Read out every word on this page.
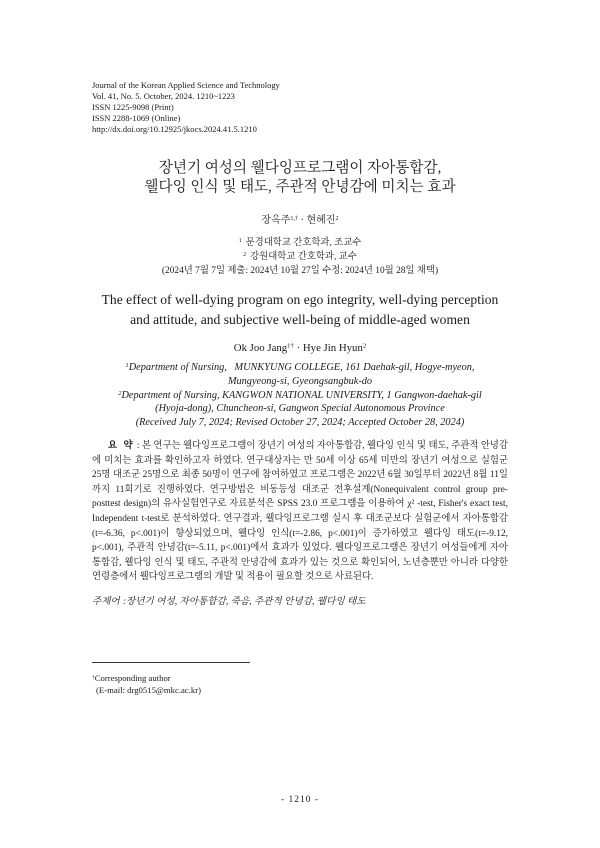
Journal of the Korean Applied Science and Technology
Vol. 41, No. 5. October, 2024. 1210~1223
ISSN 1225-9098 (Print)
ISSN 2288-1069 (Online)
http://dx.doi.org/10.12925/jkocs.2024.41.5.1210
장년기 여성의 웰다잉프로그램이 자아통합감,
웰다잉 인식 및 태도, 주관적 안녕감에 미치는 효과
장옥주$^{1,\dagger}$ · 현혜진$^2$
$^1$ 문경대학교 간호학과, 조교수
$^2$ 강원대학교 간호학과, 교수
(2024년 7월 7일 제출: 2024년 10월 27일 수정: 2024년 10월 28일 채택)
The effect of well-dying program on ego integrity, well-dying perception
and attitude, and subjective well-being of middle-aged women
Ok Joo Jang$^{1\dagger}$ · Hye Jin Hyun$^2$
$^1$Department of Nursing,   MUNKYUNG COLLEGE, 161 Daehak-gil, Hogye-myeon,
Mungyeong-si, Gyeongsangbuk-do
$^2$Department of Nursing, KANGWON NATIONAL UNIVERSITY, 1 Gangwon-daehak-gil
(Hyoja-dong), Chuncheon-si, Gangwon Special Autonomous Province
(Received July 7, 2024; Revised October 27, 2024; Accepted October 28, 2024)
요 약 : 본 연구는 웰다잉프로그램이 장년기 여성의 자아통합감, 웰다잉 인식 및 태도, 주관적 안녕감에 미치는 효과를 확인하고자 하였다. 연구대상자는 만 50세 이상 65세 미만의 장년기 여성으로 실험군 25명 대조군 25명으로 최종 50명이 연구에 참여하였고 프로그램은 2022년 6월 30일부터 2022년 8월 11일까지 11회기로 진행하였다. 연구방법은 비동등성 대조군 전후설계(Nonequivalent control group pre-posttest design)의 유사실험연구로 자료분석은 SPSS 23.0 프로그램을 이용하여 χ² -test, Fisher's exact test, Independent t-test로 분석하였다. 연구결과, 웰다잉프로그램 실시 후 대조군보다 실험군에서 자아통합감(t=-6.36, p<.001)이 향상되었으며, 웰다잉 인식(t=-2.86, p<.001)이 증가하였고 웰다잉 태도(t=-9.12, p<.001), 주관적 안녕감(t=-5.11, p<.001)에서 효과가 있었다. 웰다잉프로그램은 장년기 여성들에게 자아통합감, 웰다잉 인식 및 태도, 주관적 안녕감에 효과가 있는 것으로 확인되어, 노년층뿐만 아니라 다양한 연령층에서 웰다잉프로그램의 개발 및 적용이 필요할 것으로 사료된다.
주제어 :장년기 여성, 자아통합감, 죽음, 주관적 안녕감, 웰다잉 태도
†Corresponding author
(E-mail: drg0515@mkc.ac.kr)
- 1210 -
